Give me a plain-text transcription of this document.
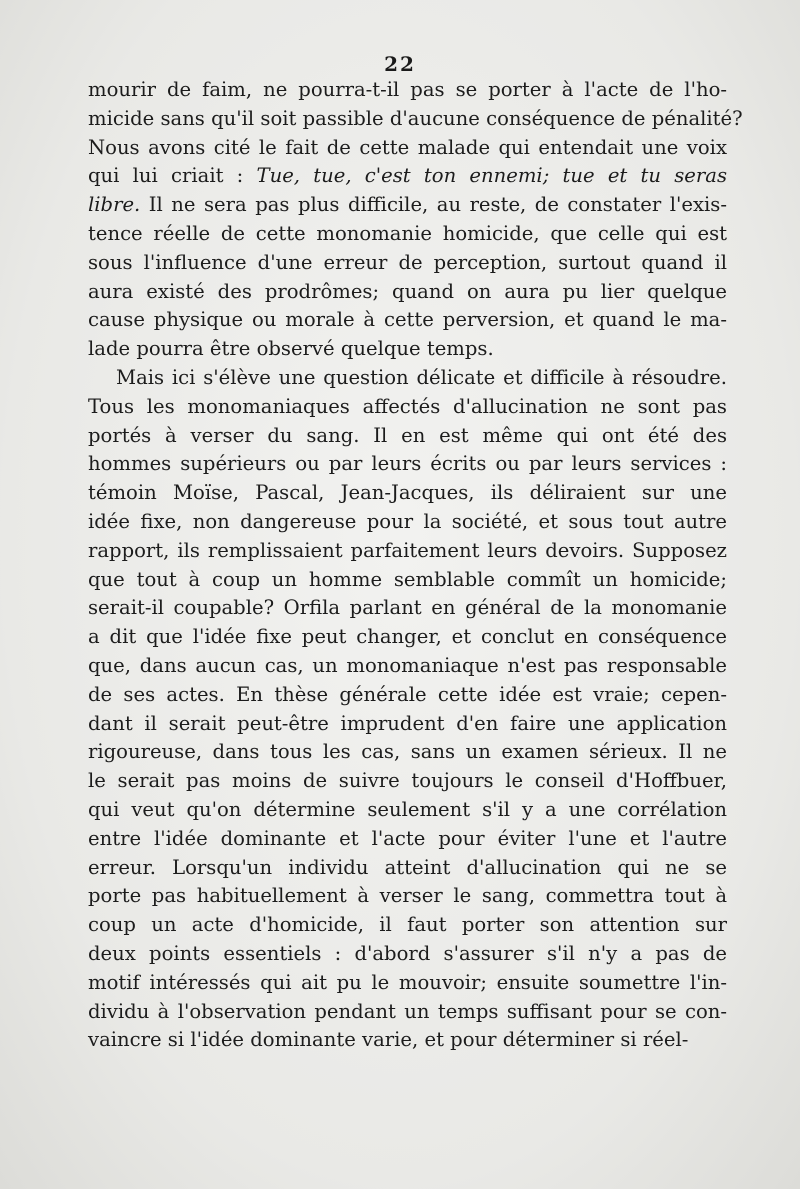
22
mourir de faim, ne pourra-t-il pas se porter à l'acte de l'ho-
micide sans qu'il soit passible d'aucune conséquence de pénalité?
Nous avons cité le fait de cette malade qui entendait une voix
qui lui criait : Tue, tue, c'est ton ennemi; tue et tu seras
libre. Il ne sera pas plus difficile, au reste, de constater l'exis-
tence réelle de cette monomanie homicide, que celle qui est
sous l'influence d'une erreur de perception, surtout quand il
aura existé des prodrômes; quand on aura pu lier quelque
cause physique ou morale à cette perversion, et quand le ma-
lade pourra être observé quelque temps.
Mais ici s'élève une question délicate et difficile à résoudre.
Tous les monomaniaques affectés d'allucination ne sont pas
portés à verser du sang. Il en est même qui ont été des
hommes supérieurs ou par leurs écrits ou par leurs services :
témoin Moïse, Pascal, Jean-Jacques, ils déliraient sur une
idée fixe, non dangereuse pour la société, et sous tout autre
rapport, ils remplissaient parfaitement leurs devoirs. Supposez
que tout à coup un homme semblable commît un homicide;
serait-il coupable? Orfila parlant en général de la monomanie
a dit que l'idée fixe peut changer, et conclut en conséquence
que, dans aucun cas, un monomaniaque n'est pas responsable
de ses actes. En thèse générale cette idée est vraie; cepen-
dant il serait peut-être imprudent d'en faire une application
rigoureuse, dans tous les cas, sans un examen sérieux. Il ne
le serait pas moins de suivre toujours le conseil d'Hoffbuer,
qui veut qu'on détermine seulement s'il y a une corrélation
entre l'idée dominante et l'acte pour éviter l'une et l'autre
erreur. Lorsqu'un individu atteint d'allucination qui ne se
porte pas habituellement à verser le sang, commettra tout à
coup un acte d'homicide, il faut porter son attention sur
deux points essentiels : d'abord s'assurer s'il n'y a pas de
motif intéressés qui ait pu le mouvoir; ensuite soumettre l'in-
dividu à l'observation pendant un temps suffisant pour se con-
vaincre si l'idée dominante varie, et pour déterminer si réel-
